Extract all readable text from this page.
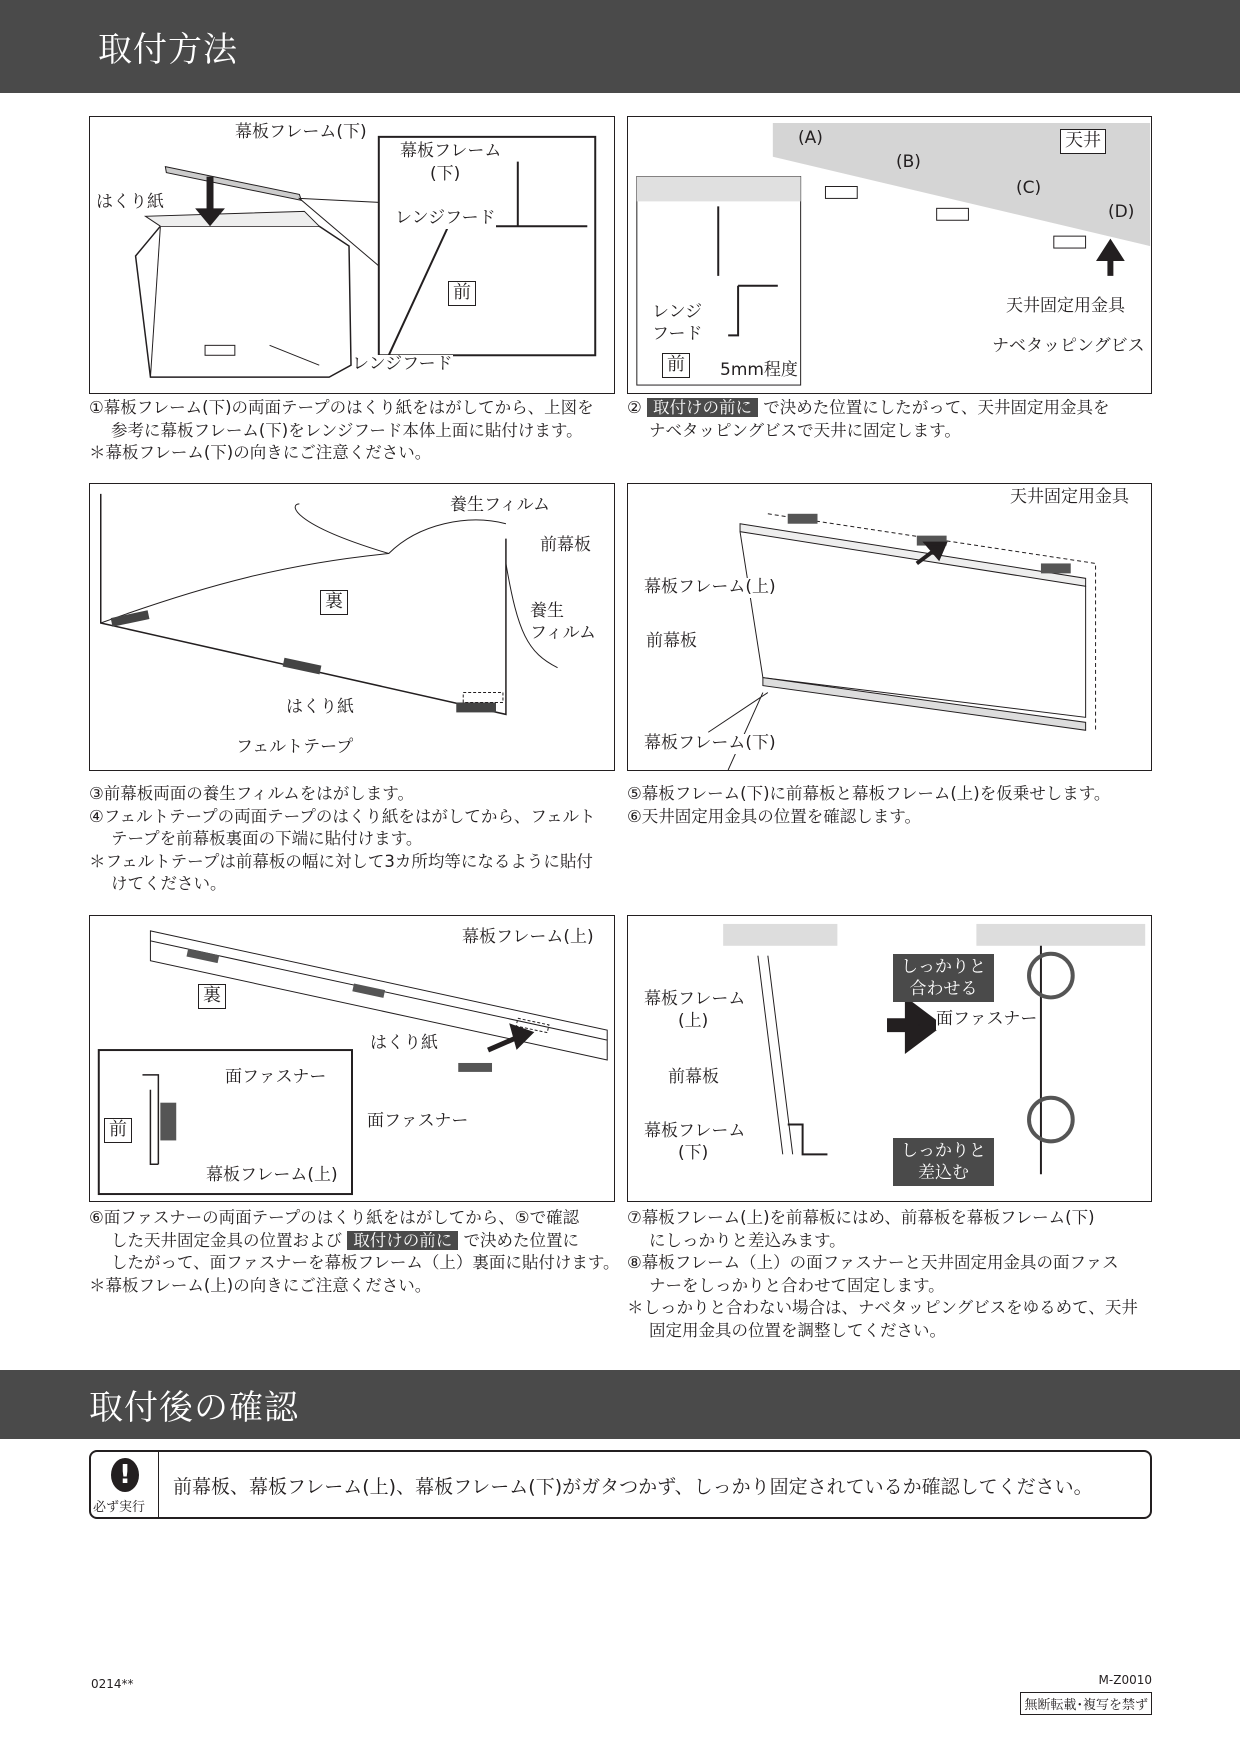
取付方法
幕板フレーム(下)
はくり紙
幕板フレーム
(下)
レンジフード
前
レンジフード
(A)
(B)
(C)
(D)
天井
レンジ
フード
前 5mm程度
天井固定用金具
ナベタッピングビス

①幕板フレーム(下)の両面テープのはくり紙をはがしてから、上図を

参考に幕板フレーム(下)をレンジフード本体上面に貼付けます。

＊幕板フレーム(下)の向きにご注意ください。

② 取付けの前に で決めた位置にしたがって、天井固定用金具を

ナベタッピングビスで天井に固定します。

養生フィルム
前幕板
裏	養生
フィルム
はくり紙
フェルトテープ
天井固定用金具
幕板フレーム(上)
前幕板
幕板フレーム(下)

③前幕板両面の養生フィルムをはがします。

④フェルトテープの両面テープのはくり紙をはがしてから、フェルト

テープを前幕板裏面の下端に貼付けます。

＊フェルトテープは前幕板の幅に対して3カ所均等になるように貼付

けてください。

⑤幕板フレーム(下)に前幕板と幕板フレーム(上)を仮乗せします。

⑥天井固定用金具の位置を確認します。

幕板フレーム(上)
裏
はくり紙
面ファスナー
面ファスナー
前
幕板フレーム(上)
幕板フレーム
(上)
前幕板
幕板フレーム
(下)
しっかりと
合わせる
面ファスナー
しっかりと
差込む

⑥面ファスナーの両面テープのはくり紙をはがしてから、⑤で確認

した天井固定金具の位置および 取付けの前に で決めた位置に

したがって、面ファスナーを幕板フレーム（上）裏面に貼付けます。

＊幕板フレーム(上)の向きにご注意ください。

⑦幕板フレーム(上)を前幕板にはめ、前幕板を幕板フレーム(下)

にしっかりと差込みます。

⑧幕板フレーム（上）の面ファスナーと天井固定用金具の面ファス

ナーをしっかりと合わせて固定します。

＊しっかりと合わない場合は、ナベタッピングビスをゆるめて、天井

固定用金具の位置を調整してください。

取付後の確認
!
必ず実行
前幕板、幕板フレーム(上)、幕板フレーム(下)がガタつかず、しっかり固定されているか確認してください。
0214**	M-Z0010
無断転載･複写を禁ず
